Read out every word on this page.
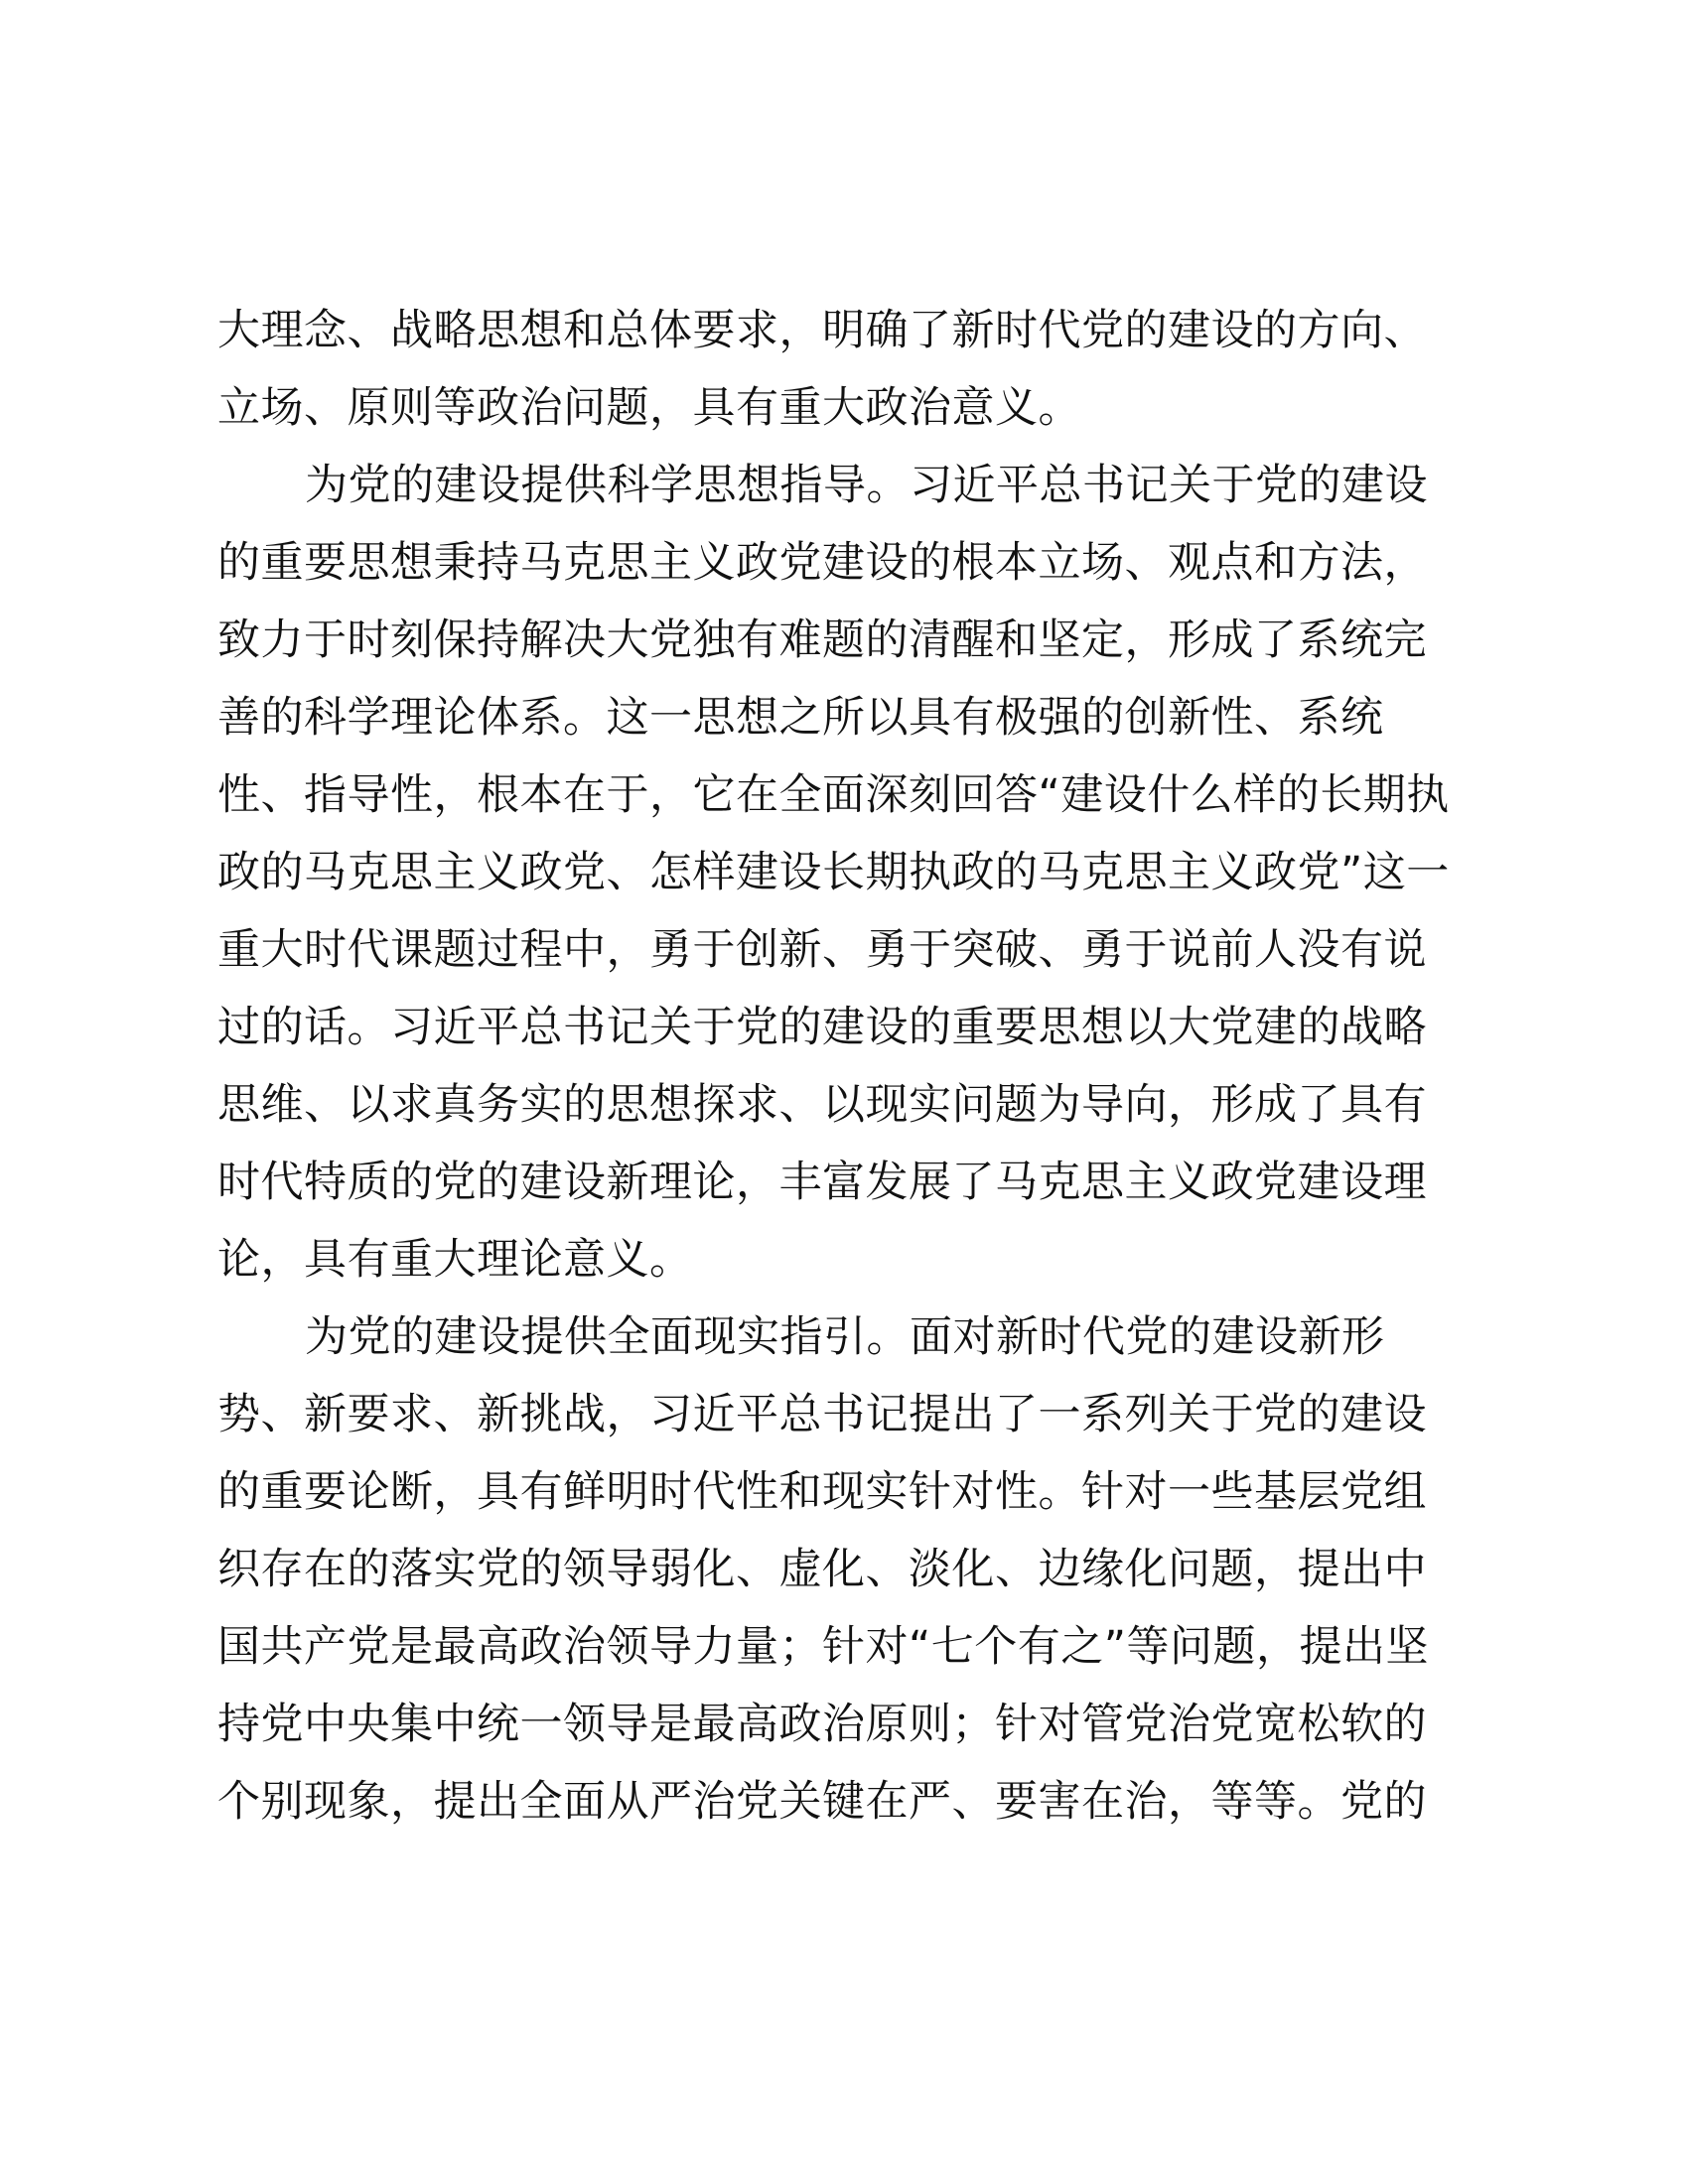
大理念、战略思想和总体要求，明确了新时代党的建设的方向、
立场、原则等政治问题，具有重大政治意义。
为党的建设提供科学思想指导。习近平总书记关于党的建设
的重要思想秉持马克思主义政党建设的根本立场、观点和方法，
致力于时刻保持解决大党独有难题的清醒和坚定，形成了系统完
善的科学理论体系。这一思想之所以具有极强的创新性、系统
性、指导性，根本在于，它在全面深刻回答“建设什么样的长期执
政的马克思主义政党、怎样建设长期执政的马克思主义政党”这一
重大时代课题过程中，勇于创新、勇于突破、勇于说前人没有说
过的话。习近平总书记关于党的建设的重要思想以大党建的战略
思维、以求真务实的思想探求、以现实问题为导向，形成了具有
时代特质的党的建设新理论，丰富发展了马克思主义政党建设理
论，具有重大理论意义。
为党的建设提供全面现实指引。面对新时代党的建设新形
势、新要求、新挑战，习近平总书记提出了一系列关于党的建设
的重要论断，具有鲜明时代性和现实针对性。针对一些基层党组
织存在的落实党的领导弱化、虚化、淡化、边缘化问题，提出中
国共产党是最高政治领导力量；针对“七个有之”等问题，提出坚
持党中央集中统一领导是最高政治原则；针对管党治党宽松软的
个别现象，提出全面从严治党关键在严、要害在治，等等。党的
